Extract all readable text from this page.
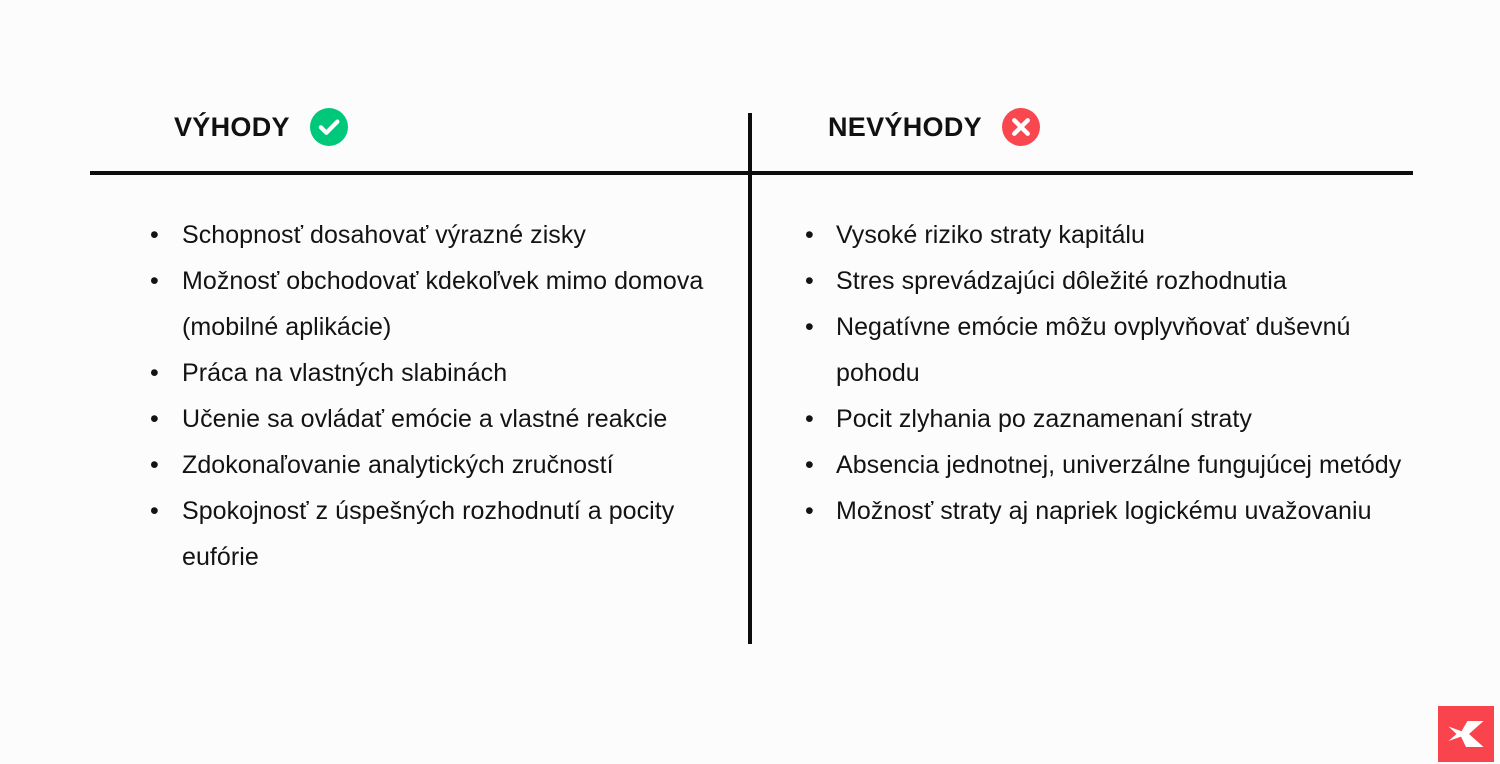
VÝHODY	NEVÝHODY
• Schopnosť dosahovať výrazné zisky
• Možnosť obchodovať kdekoľvek mimo domova (mobilné aplikácie)
• Práca na vlastných slabinách
• Učenie sa ovládať emócie a vlastné reakcie
• Zdokonaľovanie analytických zručností
• Spokojnosť z úspešných rozhodnutí a pocity eufórie
• Vysoké riziko straty kapitálu
• Stres sprevádzajúci dôležité rozhodnutia
• Negatívne emócie môžu ovplyvňovať duševnú pohodu
• Pocit zlyhania po zaznamenaní straty
• Absencia jednotnej, univerzálne fungujúcej metódy
• Možnosť straty aj napriek logickému uvažovaniu
